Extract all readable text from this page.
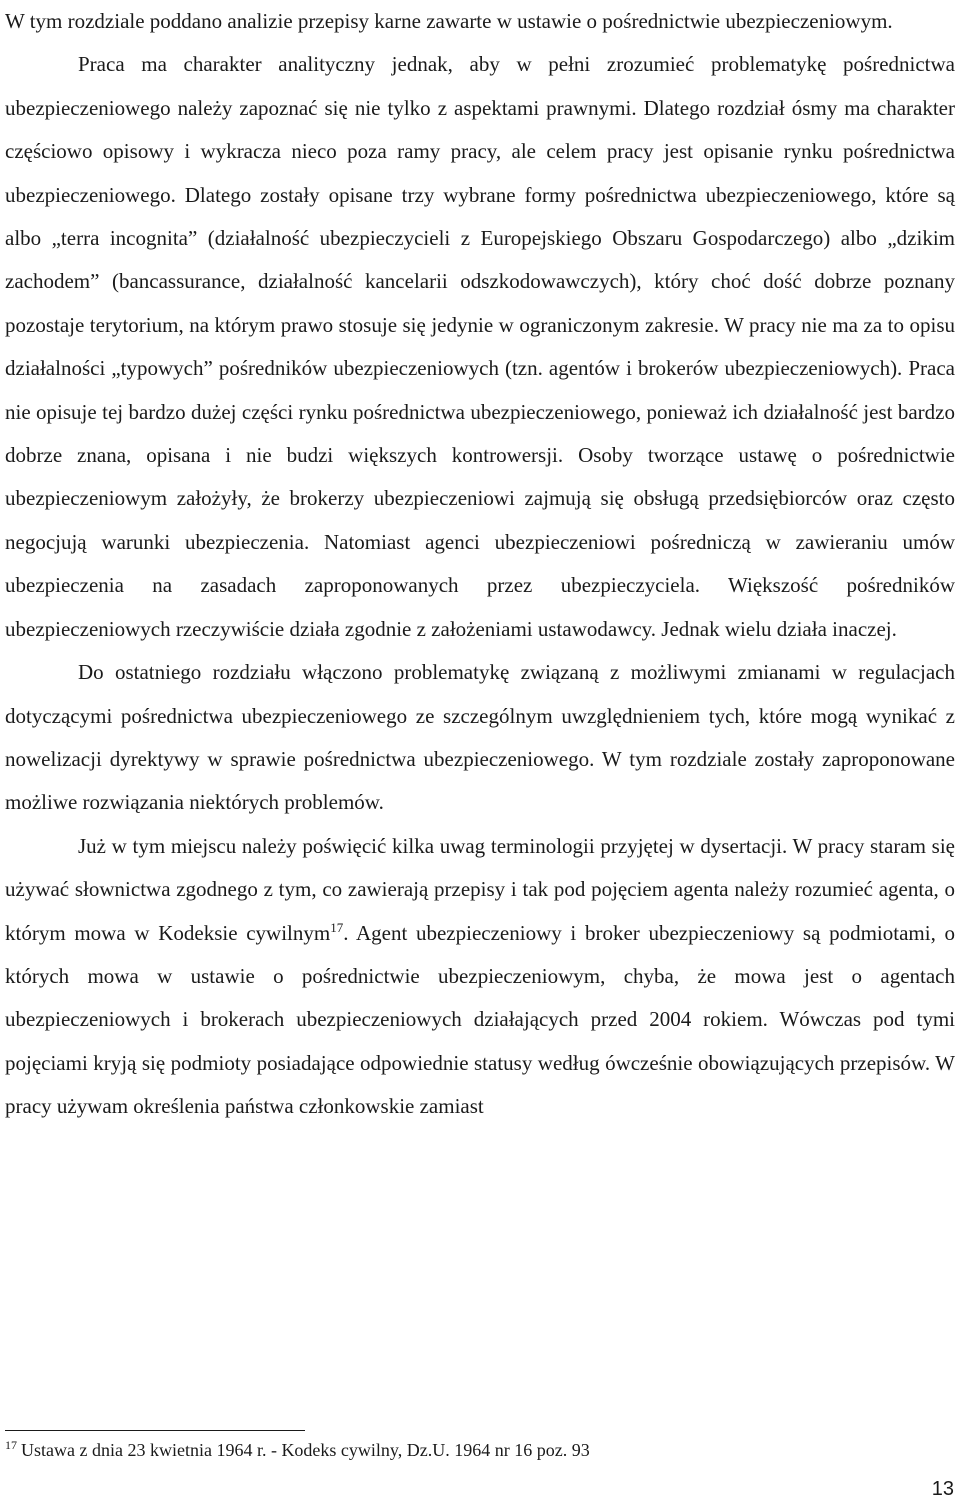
W tym rozdziale poddano analizie przepisy karne zawarte w ustawie o pośrednictwie ubezpieczeniowym.

Praca ma charakter analityczny jednak, aby w pełni zrozumieć problematykę pośrednictwa ubezpieczeniowego należy zapoznać się nie tylko z aspektami prawnymi. Dlatego rozdział ósmy ma charakter częściowo opisowy i wykracza nieco poza ramy pracy, ale celem pracy jest opisanie rynku pośrednictwa ubezpieczeniowego. Dlatego zostały opisane trzy wybrane formy pośrednictwa ubezpieczeniowego, które są albo „terra incognita” (działalność ubezpieczycieli z Europejskiego Obszaru Gospodarczego) albo „dzikim zachodem” (bancassurance, działalność kancelarii odszkodowawczych), który choć dość dobrze poznany pozostaje terytorium, na którym prawo stosuje się jedynie w ograniczonym zakresie. W pracy nie ma za to opisu działalności „typowych” pośredników ubezpieczeniowych (tzn. agentów i brokerów ubezpieczeniowych). Praca nie opisuje tej bardzo dużej części rynku pośrednictwa ubezpieczeniowego, ponieważ ich działalność jest bardzo dobrze znana, opisana i nie budzi większych kontrowersji. Osoby tworzące ustawę o pośrednictwie ubezpieczeniowym założyły, że brokerzy ubezpieczeniowi zajmują się obsługą przedsiębiorców oraz często negocjują warunki ubezpieczenia. Natomiast agenci ubezpieczeniowi pośredniczą w zawieraniu umów ubezpieczenia na zasadach zaproponowanych przez ubezpieczyciela. Większość pośredników ubezpieczeniowych rzeczywiście działa zgodnie z założeniami ustawodawcy. Jednak wielu działa inaczej.

Do ostatniego rozdziału włączono problematykę związaną z możliwymi zmianami w regulacjach dotyczącymi pośrednictwa ubezpieczeniowego ze szczególnym uwzględnieniem tych, które mogą wynikać z nowelizacji dyrektywy w sprawie pośrednictwa ubezpieczeniowego. W tym rozdziale zostały zaproponowane możliwe rozwiązania niektórych problemów.

Już w tym miejscu należy poświęcić kilka uwag terminologii przyjętej w dysertacji. W pracy staram się używać słownictwa zgodnego z tym, co zawierają przepisy i tak pod pojęciem agenta należy rozumieć agenta, o którym mowa w Kodeksie cywilnym$^{17}$. Agent ubezpieczeniowy i broker ubezpieczeniowy są podmiotami, o których mowa w ustawie o pośrednictwie ubezpieczeniowym, chyba, że mowa jest o agentach ubezpieczeniowych i brokerach ubezpieczeniowych działających przed 2004 rokiem. Wówczas pod tymi pojęciami kryją się podmioty posiadające odpowiednie statusy według ówcześnie obowiązujących przepisów. W pracy używam określenia państwa członkowskie zamiast

$^{17}$ Ustawa z dnia 23 kwietnia 1964 r. - Kodeks cywilny, Dz.U. 1964 nr 16 poz. 93
13
